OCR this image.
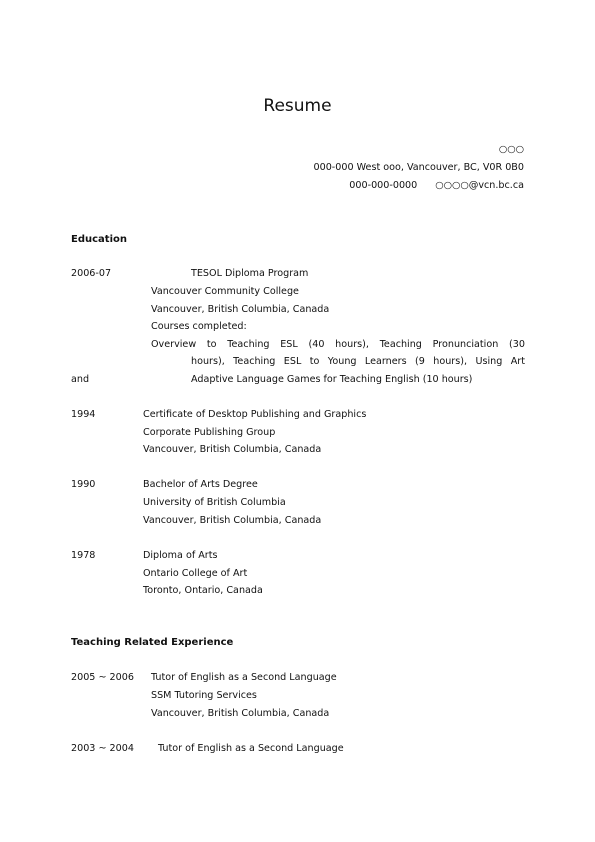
Resume
○○○
000-000 West ooo, Vancouver, BC, V0R 0B0
000-000-0000 ○○○○@vcn.bc.ca
Education
2006-07	TESOL Diploma Program
Vancouver Community College
Vancouver, British Columbia, Canada
Courses completed:
Overview to Teaching ESL (40 hours), Teaching Pronunciation (30
hours), Teaching ESL to Young Learners (9 hours), Using Art
and	Adaptive Language Games for Teaching English (10 hours)
1994	Certificate of Desktop Publishing and Graphics
Corporate Publishing Group
Vancouver, British Columbia, Canada
1990	Bachelor of Arts Degree
University of British Columbia
Vancouver, British Columbia, Canada
1978	Diploma of Arts
Ontario College of Art
Toronto, Ontario, Canada
Teaching Related Experience
2005 ~ 2006 Tutor of English as a Second Language
SSM Tutoring Services
Vancouver, British Columbia, Canada
2003 ~ 2004	Tutor of English as a Second Language
